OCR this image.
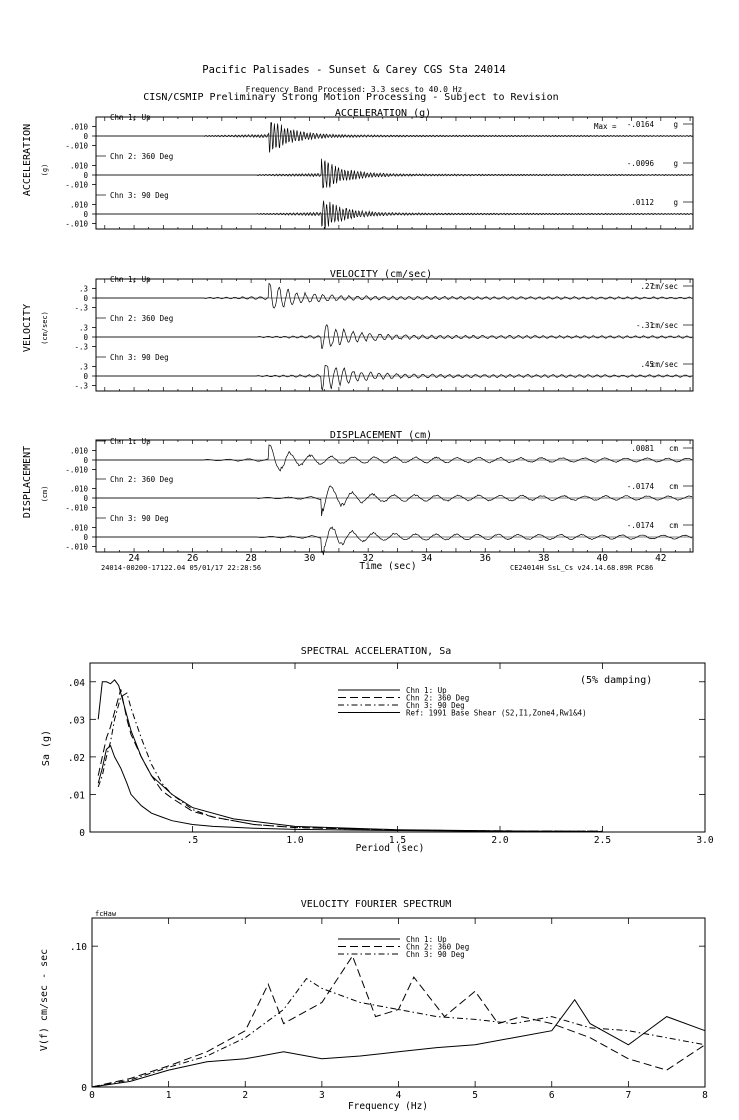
Pacific Palisades - Sunset & Carey CGS Sta 24014
Frequency Band Processed: 3.3 secs to 40.0 Hz
CISN/CSMIP Preliminary Strong Motion Processing - Subject to Revision
ACCELERATION (g)
VELOCITY (cm/sec)
DISPLACEMENT (cm)
ACCELERATION (g)
VELOCITY (cm/sec)
DISPLACEMENT (cm)
Max =
Time (sec)
24014-00200-17122.04 05/01/17 22:28:56	CE24014H SsL_Cs v24.14.68.89R PC86
SPECTRAL ACCELERATION, Sa
(5% damping)
Period (sec)
Sa (g)
VELOCITY FOURIER SPECTRUM
fcHaw
Frequency (Hz)
V(f) cm/sec - sec
.010
0
-.010
Chn 1: Up
-.0164	g
.010
0
-.010
Chn 2: 360 Deg
-.0096	g
.010
0
-.010
Chn 3: 90 Deg
.0112	g
.3
0
-.3
Chn 1: Up
.27
cm/sec
.3
0
-.3
Chn 2: 360 Deg
-.31
cm/sec
.3
0
-.3
Chn 3: 90 Deg
.45
cm/sec
.010
0
-.010
Chn 1: Up
.0081 cm
.010
0
-.010
Chn 2: 360 Deg
-.0174 cm
.010
0
-.010
Chn 3: 90 Deg
-.0174 cm
24	26	28	30	32	34	36	38	40	42
.5	1.0	1.5	2.0	2.5	3.0
.04
.03
.02
.01
0
Chn 1: Up
Chn 2: 360 Deg
Chn 3: 90 Deg
Ref: 1991 Base Shear (S2,I1,Zone4,Rw1&4)
0	1	2	3	4	5	6	7	8
.10
0
Chn 1: Up
Chn 2: 360 Deg
Chn 3: 90 Deg
